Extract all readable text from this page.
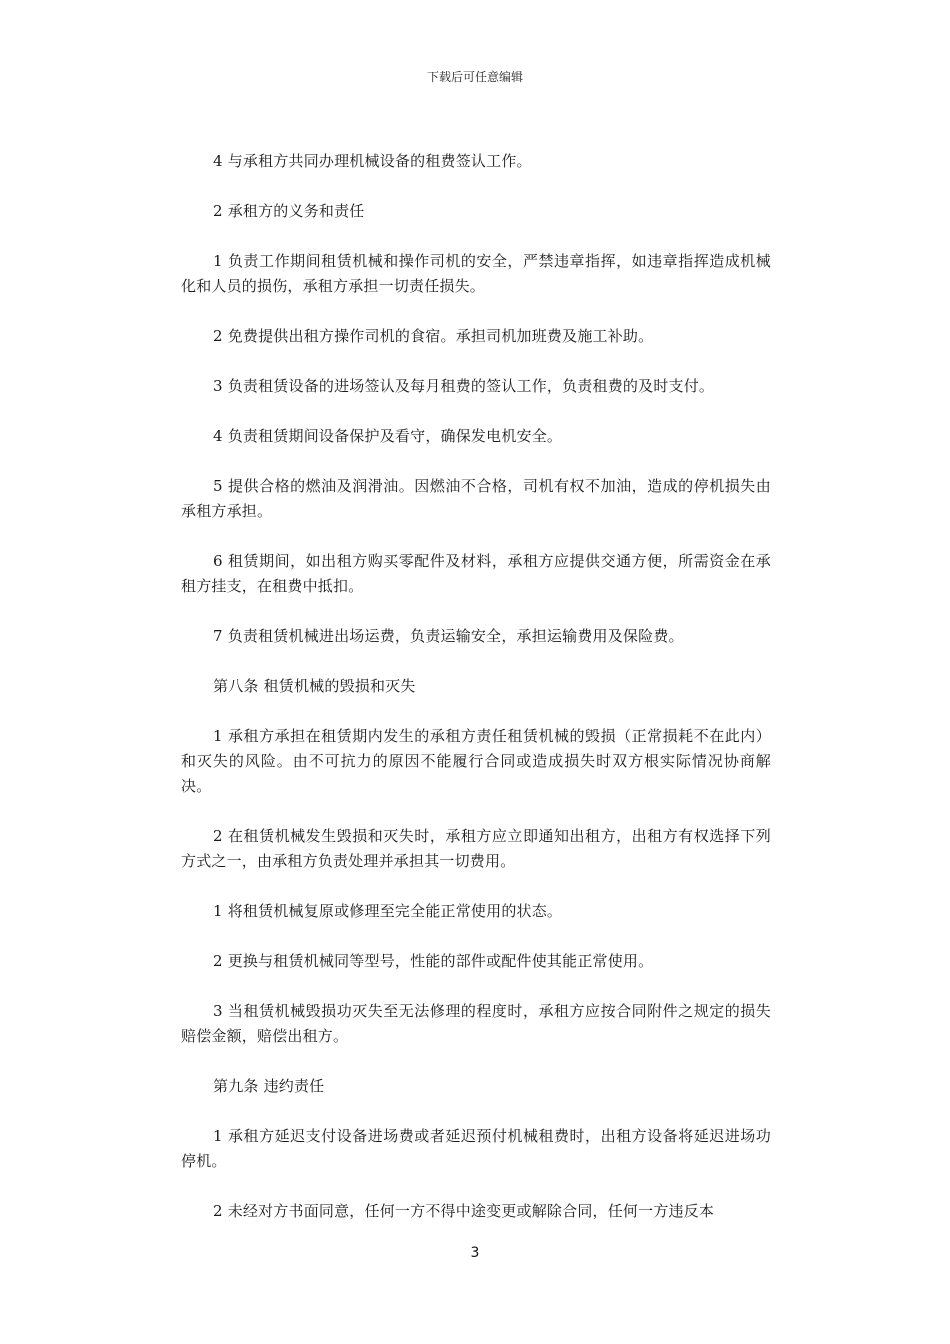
下载后可任意编辑

4 与承租方共同办理机械设备的租费签认工作。

2 承租方的义务和责任

1 负责工作期间租赁机械和操作司机的安全，严禁违章指挥，如违章指挥造成机械化和人员的损伤，承租方承担一切责任损失。

2 免费提供出租方操作司机的食宿。承担司机加班费及施工补助。

3 负责租赁设备的进场签认及每月租费的签认工作，负责租费的及时支付。

4 负责租赁期间设备保护及看守，确保发电机安全。

5 提供合格的燃油及润滑油。因燃油不合格，司机有权不加油，造成的停机损失由承租方承担。

6 租赁期间，如出租方购买零配件及材料，承租方应提供交通方便，所需资金在承租方挂支，在租费中抵扣。

7 负责租赁机械进出场运费，负责运输安全，承担运输费用及保险费。

第八条 租赁机械的毁损和灭失

1 承租方承担在租赁期内发生的承租方责任租赁机械的毁损（正常损耗不在此内）和灭失的风险。由不可抗力的原因不能履行合同或造成损失时双方根实际情况协商解决。

2 在租赁机械发生毁损和灭失时，承租方应立即通知出租方，出租方有权选择下列方式之一，由承租方负责处理并承担其一切费用。

1 将租赁机械复原或修理至完全能正常使用的状态。

2 更换与租赁机械同等型号，性能的部件或配件使其能正常使用。

3 当租赁机械毁损功灭失至无法修理的程度时，承租方应按合同附件之规定的损失赔偿金额，赔偿出租方。

第九条 违约责任

1 承租方延迟支付设备进场费或者延迟预付机械租费时，出租方设备将延迟进场功停机。

2 未经对方书面同意，任何一方不得中途变更或解除合同，任何一方违反本

3
